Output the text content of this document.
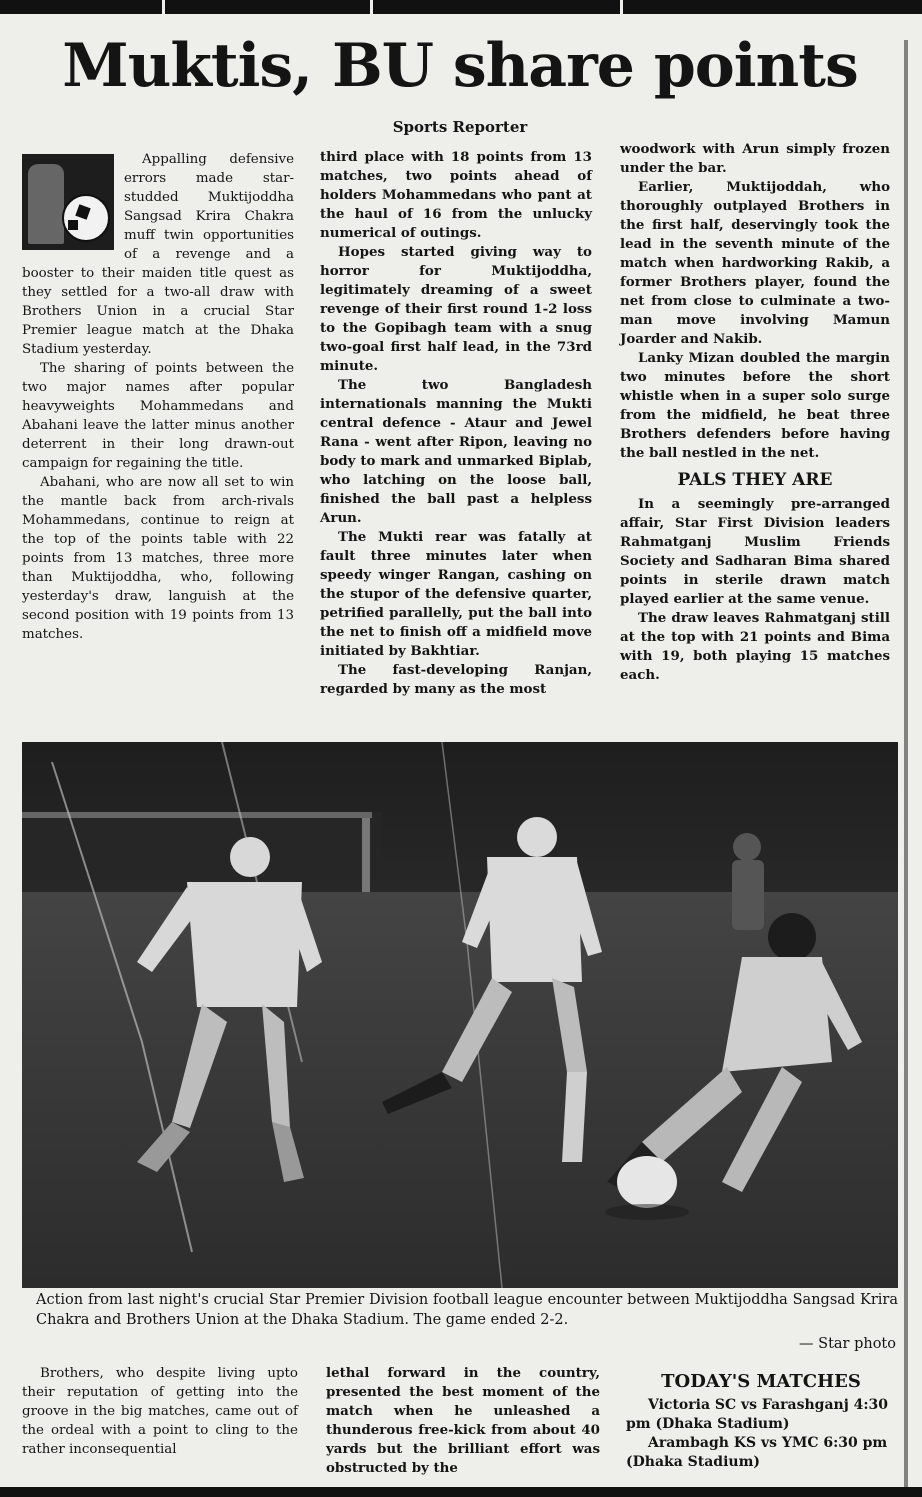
Muktis, BU share points
Sports Reporter

Appalling defensive errors made star-studded Muktijoddha Sangsad Krira Chakra muff twin opportunities of a revenge and a booster to their maiden title quest as they settled for a two-all draw with Brothers Union in a crucial Star Premier league match at the Dhaka Stadium yesterday.

The sharing of points between the two major names after popular heavyweights Mohammedans and Abahani leave the latter minus another deterrent in their long drawn-out campaign for regaining the title.

Abahani, who are now all set to win the mantle back from arch-rivals Mohammedans, continue to reign at the top of the points table with 22 points from 13 matches, three more than Muktijoddha, who, following yesterday's draw, languish at the second position with 19 points from 13 matches.

third place with 18 points from 13 matches, two points ahead of holders Mohammedans who pant at the haul of 16 from the unlucky numerical of outings.

Hopes started giving way to horror for Muktijoddha, legitimately dreaming of a sweet revenge of their first round 1-2 loss to the Gopibagh team with a snug two-goal first half lead, in the 73rd minute.

The two Bangladesh internationals manning the Mukti central defence - Ataur and Jewel Rana - went after Ripon, leaving no body to mark and unmarked Biplab, who latching on the loose ball, finished the ball past a helpless Arun.

The Mukti rear was fatally at fault three minutes later when speedy winger Rangan, cashing on the stupor of the defensive quarter, petrified parallelly, put the ball into the net to finish off a midfield move initiated by Bakhtiar.

The fast-developing Ranjan, regarded by many as the most

woodwork with Arun simply frozen under the bar.

Earlier, Muktijoddah, who thoroughly outplayed Brothers in the first half, deservingly took the lead in the seventh minute of the match when hardworking Rakib, a former Brothers player, found the net from close to culminate a two-man move involving Mamun Joarder and Nakib.

Lanky Mizan doubled the margin two minutes before the short whistle when in a super solo surge from the midfield, he beat three Brothers defenders before having the ball nestled in the net.

PALS THEY ARE

In a seemingly pre-arranged affair, Star First Division leaders Rahmatganj Muslim Friends Society and Sadharan Bima shared points in sterile drawn match played earlier at the same venue.

The draw leaves Rahmatganj still at the top with 21 points and Bima with 19, both playing 15 matches each.

Action from last night's crucial Star Premier Division football league encounter between Muktijoddha Sangsad Krira Chakra and Brothers Union at the Dhaka Stadium. The game ended 2-2.

— Star photo

Brothers, who despite living upto their reputation of getting into the groove in the big matches, came out of the ordeal with a point to cling to the rather inconsequential

lethal forward in the country, presented the best moment of the match when he unleashed a thunderous free-kick from about 40 yards but the brilliant effort was obstructed by the

TODAY'S MATCHES

Victoria SC vs Farashganj 4:30 pm (Dhaka Stadium)

Arambagh KS vs YMC 6:30 pm (Dhaka Stadium)
